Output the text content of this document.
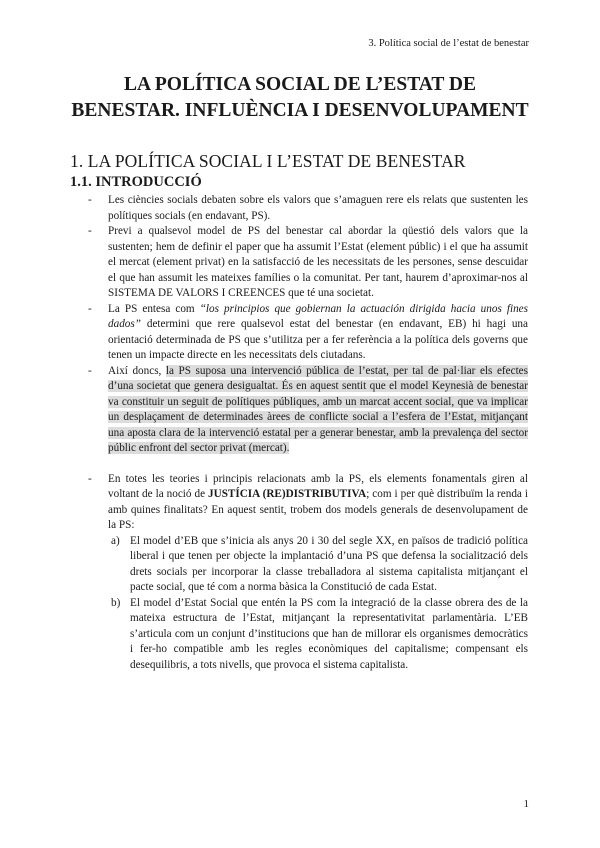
3. Política social de l’estat de benestar
LA POLÍTICA SOCIAL DE L’ESTAT DE BENESTAR. INFLUÈNCIA I DESENVOLUPAMENT
1. LA POLÍTICA SOCIAL I L’ESTAT DE BENESTAR
1.1. INTRODUCCIÓ
- Les ciències socials debaten sobre els valors que s’amaguen rere els relats que sustenten les polítiques socials (en endavant, PS).
- Previ a qualsevol model de PS del benestar cal abordar la qüestió dels valors que la sustenten; hem de definir el paper que ha assumit l’Estat (element públic) i el que ha assumit el mercat (element privat) en la satisfacció de les necessitats de les persones, sense descuidar el que han assumit les mateixes famílies o la comunitat. Per tant, haurem d’aproximar-nos al SISTEMA DE VALORS I CREENCES que té una societat.
- La PS entesa com “los principios que gobiernan la actuación dirigida hacia unos fines dados” determini que rere qualsevol estat del benestar (en endavant, EB) hi hagi una orientació determinada de PS que s’utilitza per a fer referència a la política dels governs que tenen un impacte directe en les necessitats dels ciutadans.
- Així doncs, la PS suposa una intervenció pública de l’estat, per tal de pal·liar els efectes d’una societat que genera desigualtat. És en aquest sentit que el model Keynesià de benestar va constituir un seguit de polítiques públiques, amb un marcat accent social, que va implicar un desplaçament de determinades àrees de conflicte social a l’esfera de l’Estat, mitjançant una aposta clara de la intervenció estatal per a generar benestar, amb la prevalença del sector públic enfront del sector privat (mercat).
- En totes les teories i principis relacionats amb la PS, els elements fonamentals giren al voltant de la noció de JUSTÍCIA (RE)DISTRIBUTIVA; com i per què distribuïm la renda i amb quines finalitats? En aquest sentit, trobem dos models generals de desenvolupament de la PS:
a) El model d’EB que s’inicia als anys 20 i 30 del segle XX, en països de tradició política liberal i que tenen per objecte la implantació d’una PS que defensa la socialització dels drets socials per incorporar la classe treballadora al sistema capitalista mitjançant el pacte social, que té com a norma bàsica la Constitució de cada Estat.
b) El model d’Estat Social que entén la PS com la integració de la classe obrera des de la mateixa estructura de l’Estat, mitjançant la representativitat parlamentària. L’EB s’articula com un conjunt d’institucions que han de millorar els organismes democràtics i fer-ho compatible amb les regles econòmiques del capitalisme; compensant els desequilibris, a tots nivells, que provoca el sistema capitalista.
1
